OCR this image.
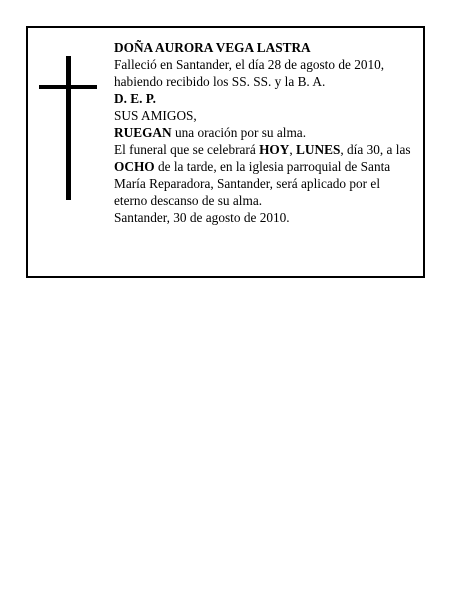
DOÑA AURORA VEGA LASTRA
Falleció en Santander, el día 28 de agosto de 2010,
habiendo recibido los SS. SS. y la B. A.
D. E. P.
SUS AMIGOS,
RUEGAN una oración por su alma.
El funeral que se celebrará HOY, LUNES, día 30, a las
OCHO de la tarde, en la iglesia parroquial de Santa
María Reparadora, Santander, será aplicado por el
eterno descanso de su alma.
Santander, 30 de agosto de 2010.
